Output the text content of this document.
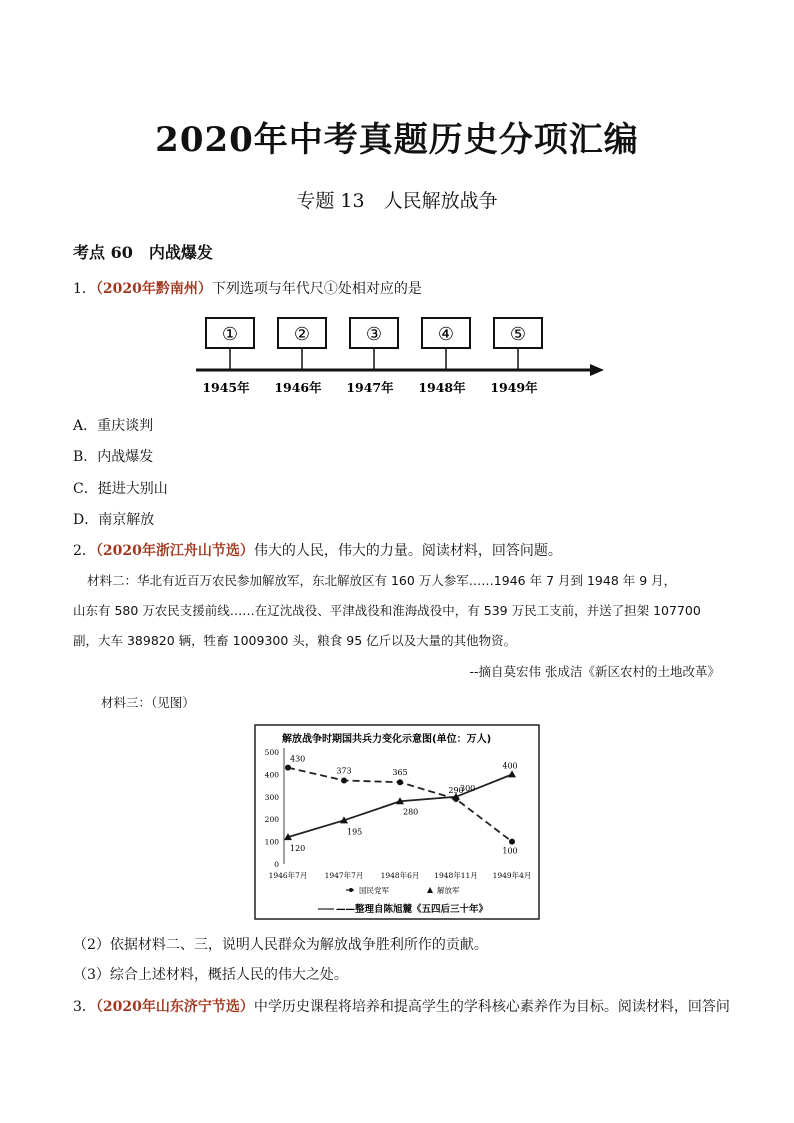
2020年中考真题历史分项汇编
专题 13　人民解放战争
考点 60　内战爆发
1．（2020年黔南州）下列选项与年代尺①处相对应的是
①	②	③	④	⑤
1945年 1946年 1947年 1948年 1949年
A．重庆谈判
B．内战爆发
C．挺进大别山
D．南京解放
2．（2020年浙江舟山节选）伟大的人民，伟大的力量。阅读材料，回答问题。
材料二：华北有近百万农民参加解放军，东北解放区有 160 万人参军……1946 年 7 月到 1948 年 9 月，
山东有 580 万农民支援前线……在辽沈战役、平津战役和淮海战役中，有 539 万民工支前，并送了担架 107700
副，大车 389820 辆，牲畜 1009300 头，粮食 95 亿斤以及大量的其他物资。
--摘自莫宏伟 张成洁《新区农村的土地改革》
材料三：（见图）
解放战争时期国共兵力变化示意图(单位：万人)
0
100
200
300
400
500
1946年7月 1947年7月 1948年6月 1948年11月 1949年4月
430
373	365
290
100
120
195
280
300
400
国民党军	解放军
——整理自陈旭麓《五四后三十年》
（2）依据材料二、三，说明人民群众为解放战争胜利所作的贡献。
（3）综合上述材料，概括人民的伟大之处。
3．（2020年山东济宁节选）中学历史课程将培养和提高学生的学科核心素养作为目标。阅读材料，回答问
